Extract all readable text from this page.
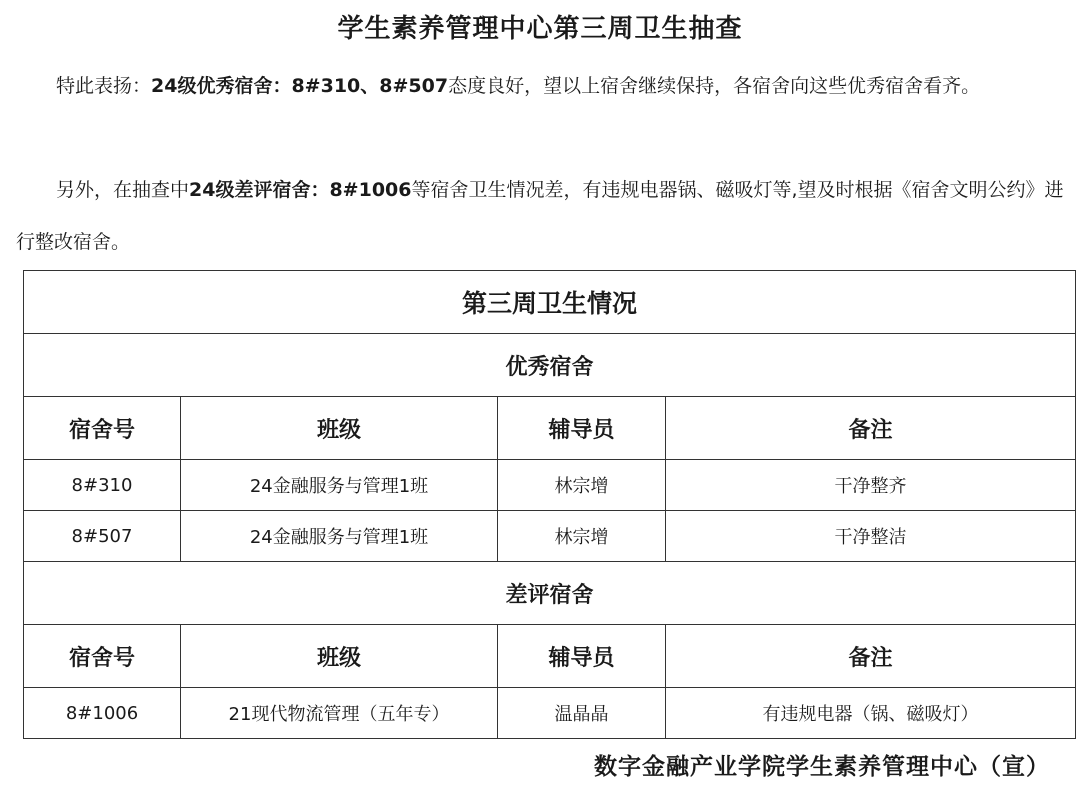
学生素养管理中心第三周卫生抽查
特此表扬：24级优秀宿舍：8#310、8#507态度良好，望以上宿舍继续保持，各宿舍向这些优秀宿舍看齐。
另外，在抽查中24级差评宿舍：8#1006等宿舍卫生情况差，有违规电器锅、磁吸灯等,望及时根据《宿舍文明公约》进行整改宿舍。
第三周卫生情况			
优秀宿舍			
宿舍号	班级	辅导员	备注
8#310	24金融服务与管理1班	林宗增	干净整齐
8#507	24金融服务与管理1班	林宗增	干净整洁
差评宿舍			
宿舍号	班级	辅导员	备注
8#1006	21现代物流管理（五年专）	温晶晶	有违规电器（锅、磁吸灯）
数字金融产业学院学生素养管理中心（宣）
